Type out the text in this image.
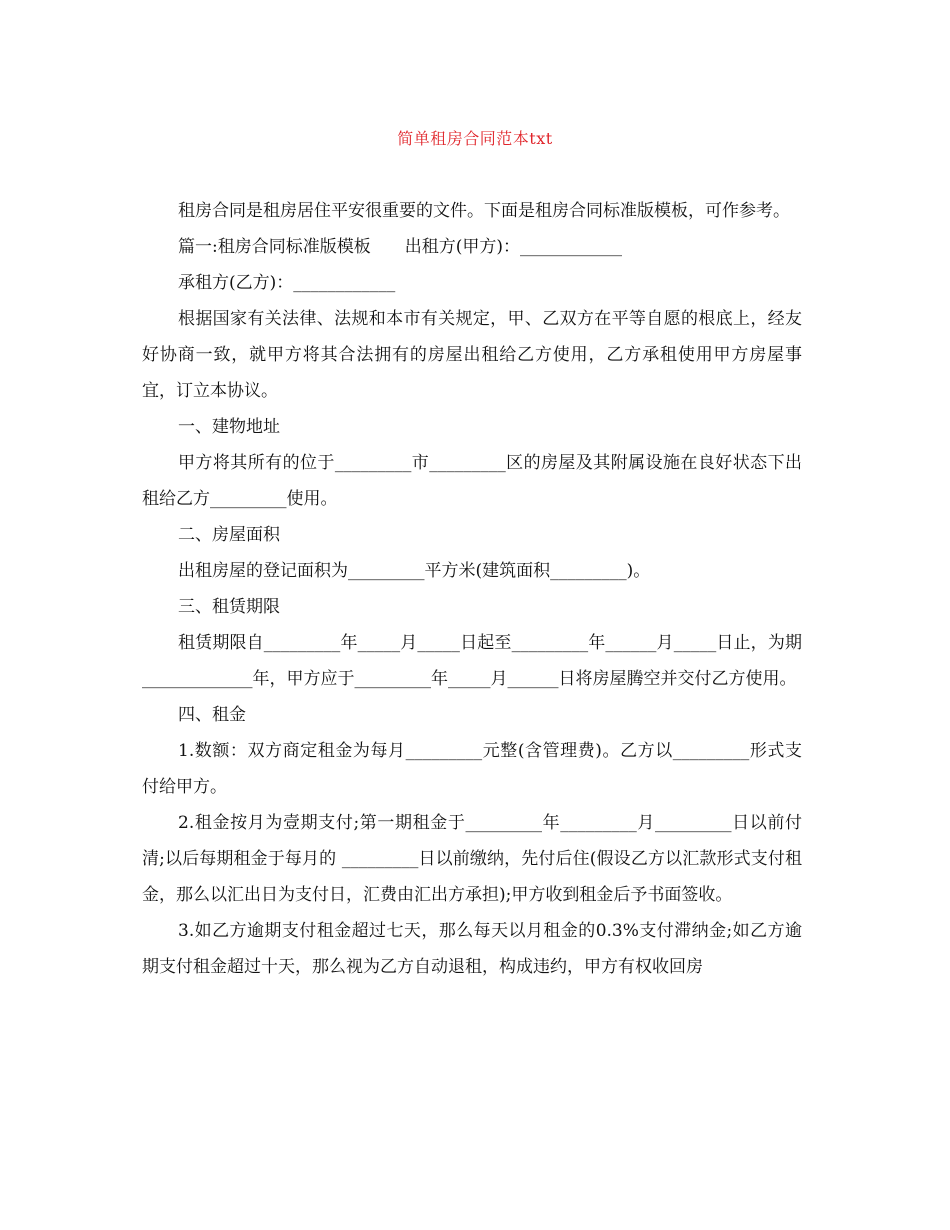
简单租房合同范本txt

租房合同是租房居住平安很重要的文件。下面是租房合同标准版模板，可作参考。

篇一:租房合同标准版模板 出租方(甲方)：____________

承租方(乙方)：____________

根据国家有关法律、法规和本市有关规定，甲、乙双方在平等自愿的根底上，经友好协商一致，就甲方将其合法拥有的房屋出租给乙方使用，乙方承租使用甲方房屋事宜，订立本协议。

一、建物地址

甲方将其所有的位于_________市_________区的房屋及其附属设施在良好状态下出租给乙方_________使用。

二、房屋面积

出租房屋的登记面积为_________平方米(建筑面积_________)。

三、租赁期限

租赁期限自_________年_____月_____日起至_________年______月_____日止，为期_____________年，甲方应于_________年_____月______日将房屋腾空并交付乙方使用。

四、租金

1.数额：双方商定租金为每月_________元整(含管理费)。乙方以_________形式支付给甲方。

2.租金按月为壹期支付;第一期租金于_________年_________月_________日以前付清;以后每期租金于每月的 _________日以前缴纳，先付后住(假设乙方以汇款形式支付租金，那么以汇出日为支付日，汇费由汇出方承担);甲方收到租金后予书面签收。

3.如乙方逾期支付租金超过七天，那么每天以月租金的0.3%支付滞纳金;如乙方逾期支付租金超过十天，那么视为乙方自动退租，构成违约，甲方有权收回房
